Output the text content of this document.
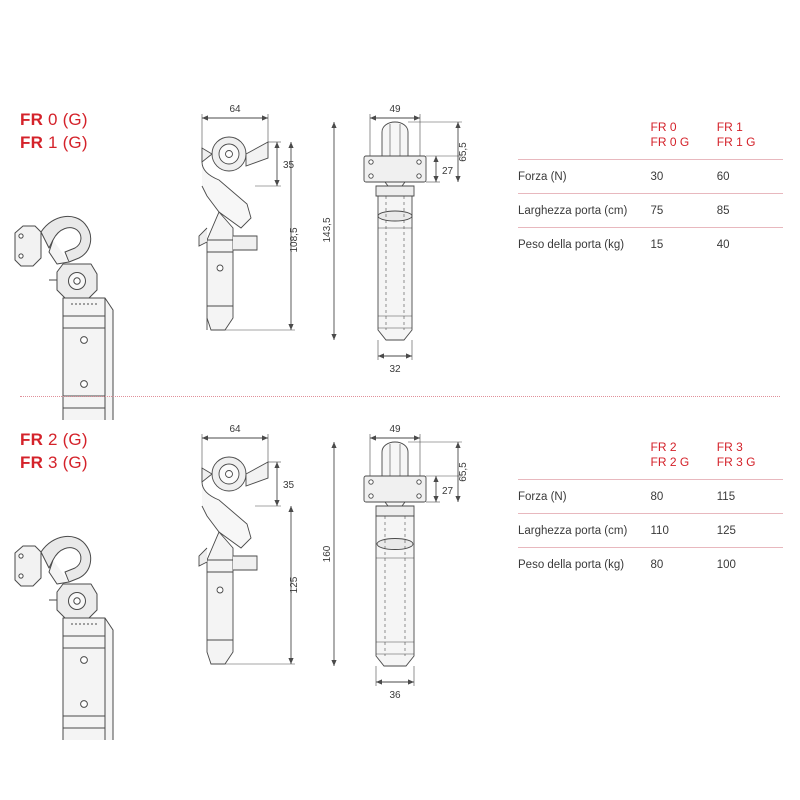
FR 0 (G)
FR 1 (G)
64
35
108,5
49
27
65,5
32
143,5

FR 0
FR 0 G

FR 1
FR 1 G

Forza (N)	30	60
Larghezza porta (cm)	75	85
Peso della porta (kg)	15	40
FR 2 (G)
FR 3 (G)
64
35
125
49
27
65,5
36
160

FR 2
FR 2 G

FR 3
FR 3 G

Forza (N)	80	115
Larghezza porta (cm)	110	125
Peso della porta (kg)	80	100
